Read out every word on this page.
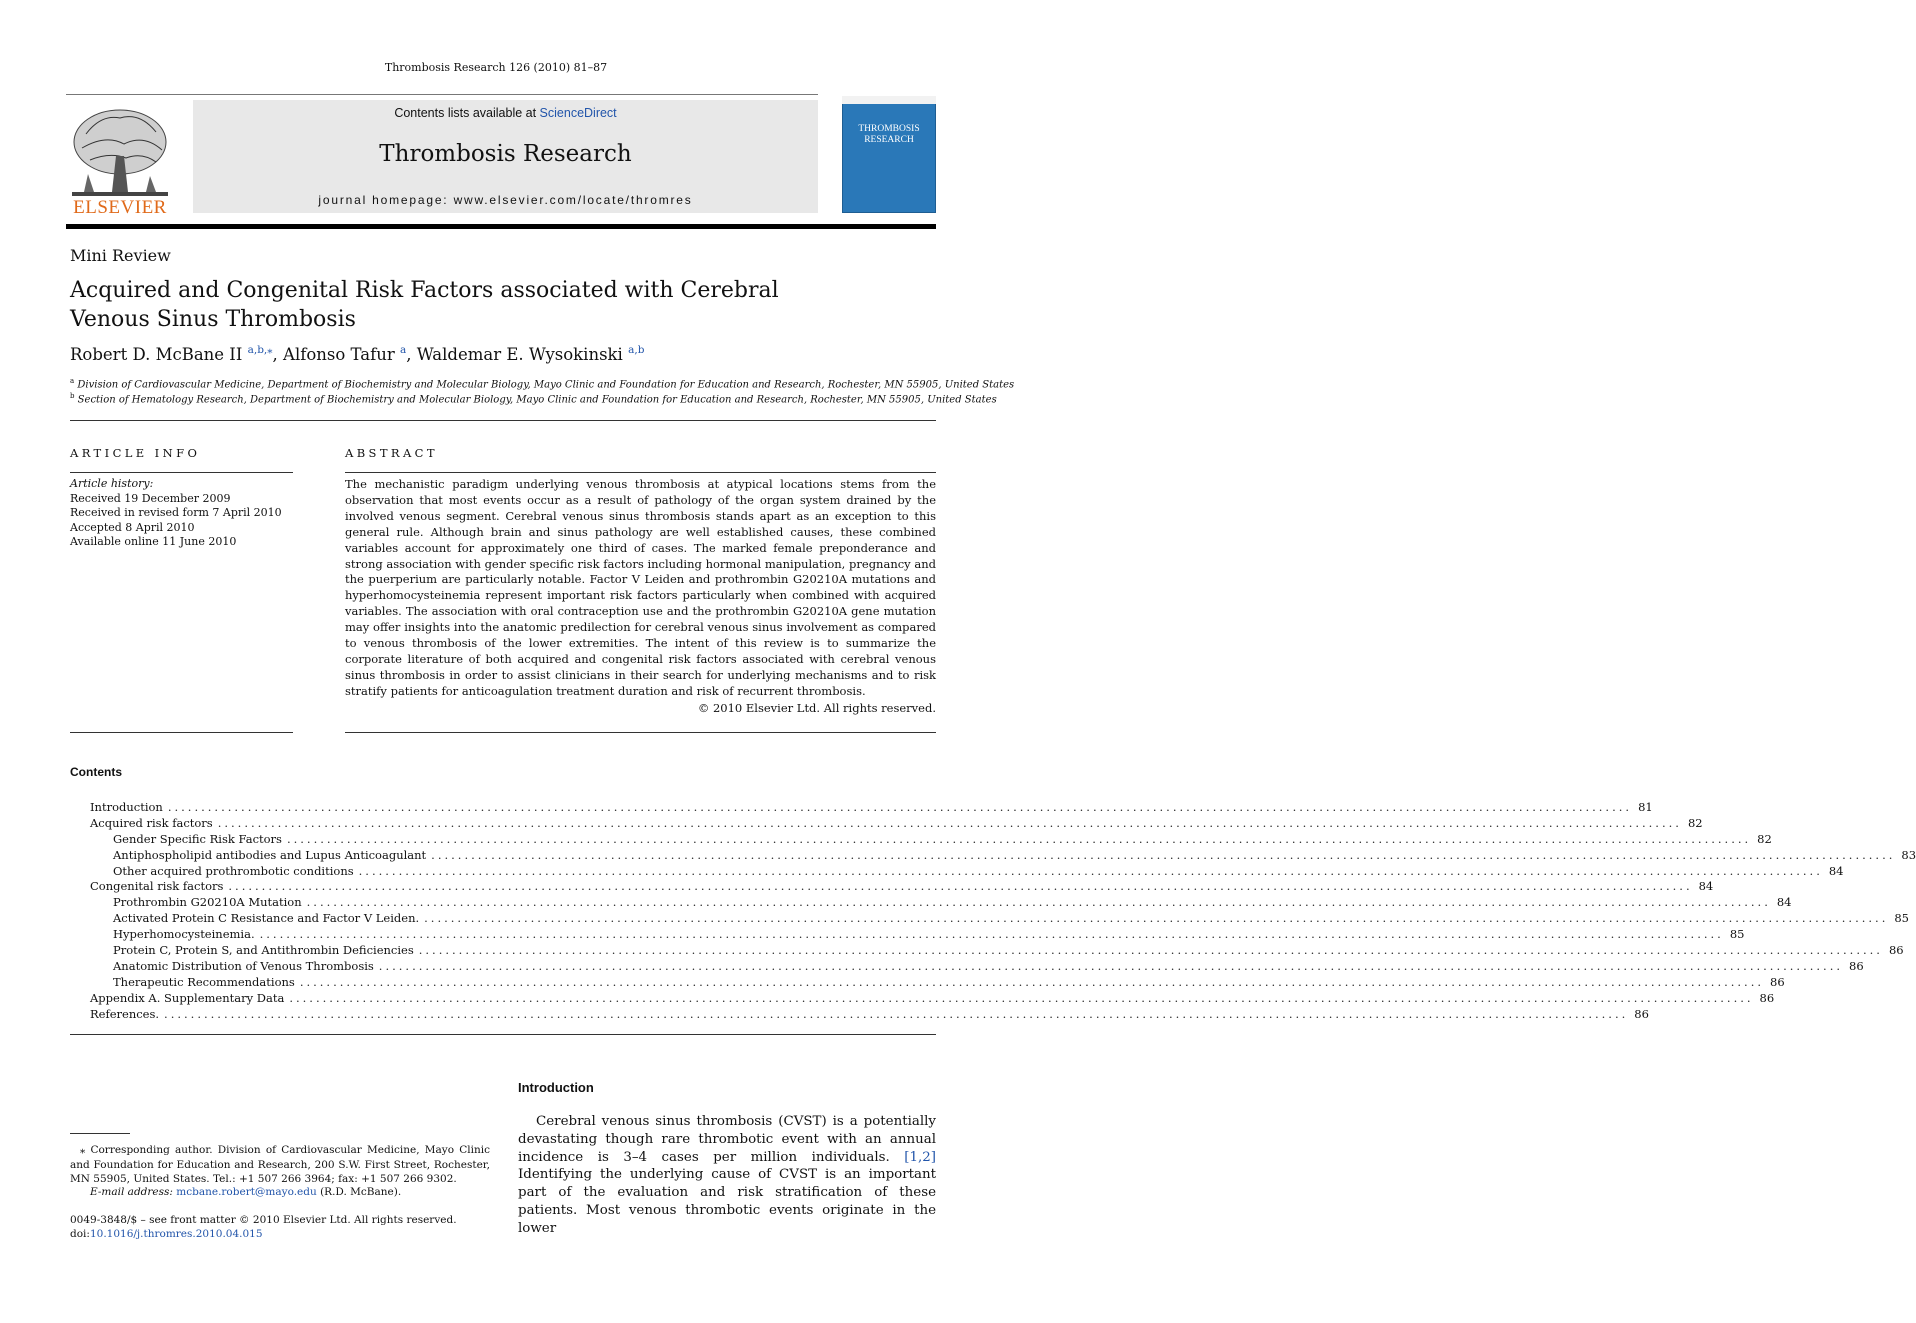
Thrombosis Research 126 (2010) 81–87
ELSEVIER
Contents lists available at ScienceDirect
Thrombosis Research
journal homepage: www.elsevier.com/locate/thromres
THROMBOSIS
RESEARCH
Mini Review
Acquired and Congenital Risk Factors associated with Cerebral Venous Sinus Thrombosis
Robert D. McBane II $^{a,b,⁎}$, Alfonso Tafur $^a$, Waldemar E. Wysokinski $^{a,b}$
$^a$ Division of Cardiovascular Medicine, Department of Biochemistry and Molecular Biology, Mayo Clinic and Foundation for Education and Research, Rochester, MN 55905, United States
$^b$ Section of Hematology Research, Department of Biochemistry and Molecular Biology, Mayo Clinic and Foundation for Education and Research, Rochester, MN 55905, United States
ARTICLE INFO
Article history:
Received 19 December 2009
Received in revised form 7 April 2010
Accepted 8 April 2010
Available online 11 June 2010
ABSTRACT
The mechanistic paradigm underlying venous thrombosis at atypical locations stems from the observation that most events occur as a result of pathology of the organ system drained by the involved venous segment. Cerebral venous sinus thrombosis stands apart as an exception to this general rule. Although brain and sinus pathology are well established causes, these combined variables account for approximately one third of cases. The marked female preponderance and strong association with gender specific risk factors including hormonal manipulation, pregnancy and the puerperium are particularly notable. Factor V Leiden and prothrombin G20210A mutations and hyperhomocysteinemia represent important risk factors particularly when combined with acquired variables. The association with oral contraception use and the prothrombin G20210A gene mutation may offer insights into the anatomic predilection for cerebral venous sinus involvement as compared to venous thrombosis of the lower extremities. The intent of this review is to summarize the corporate literature of both acquired and congenital risk factors associated with cerebral venous sinus thrombosis in order to assist clinicians in their search for underlying mechanisms and to risk stratify patients for anticoagulation treatment duration and risk of recurrent thrombosis.
© 2010 Elsevier Ltd. All rights reserved.
Contents
Introduction ............................................................................................................................................................................................................................ 81
Acquired risk factors ............................................................................................................................................................................................................................ 82
Gender Specific Risk Factors ............................................................................................................................................................................................................................ 82
Antiphospholipid antibodies and Lupus Anticoagulant ............................................................................................................................................................................................................................ 83
Other acquired prothrombotic conditions ............................................................................................................................................................................................................................ 84
Congenital risk factors ............................................................................................................................................................................................................................ 84
Prothrombin G20210A Mutation ............................................................................................................................................................................................................................ 84
Activated Protein C Resistance and Factor V Leiden. ............................................................................................................................................................................................................................ 85
Hyperhomocysteinemia. ............................................................................................................................................................................................................................ 85
Protein C, Protein S, and Antithrombin Deficiencies ............................................................................................................................................................................................................................ 86
Anatomic Distribution of Venous Thrombosis ............................................................................................................................................................................................................................ 86
Therapeutic Recommendations ............................................................................................................................................................................................................................ 86
Appendix A. Supplementary Data ............................................................................................................................................................................................................................ 86
References. ............................................................................................................................................................................................................................ 86
Introduction
Cerebral venous sinus thrombosis (CVST) is a potentially devastating though rare thrombotic event with an annual incidence is 3–4 cases per million individuals. [1,2] Identifying the underlying cause of CVST is an important part of the evaluation and risk stratification of these patients. Most venous thrombotic events originate in the lower
⁎ Corresponding author. Division of Cardiovascular Medicine, Mayo Clinic and Foundation for Education and Research, 200 S.W. First Street, Rochester, MN 55905, United States. Tel.: +1 507 266 3964; fax: +1 507 266 9302.
E-mail address: mcbane.robert@mayo.edu (R.D. McBane).
0049-3848/$ – see front matter © 2010 Elsevier Ltd. All rights reserved.
doi:10.1016/j.thromres.2010.04.015
